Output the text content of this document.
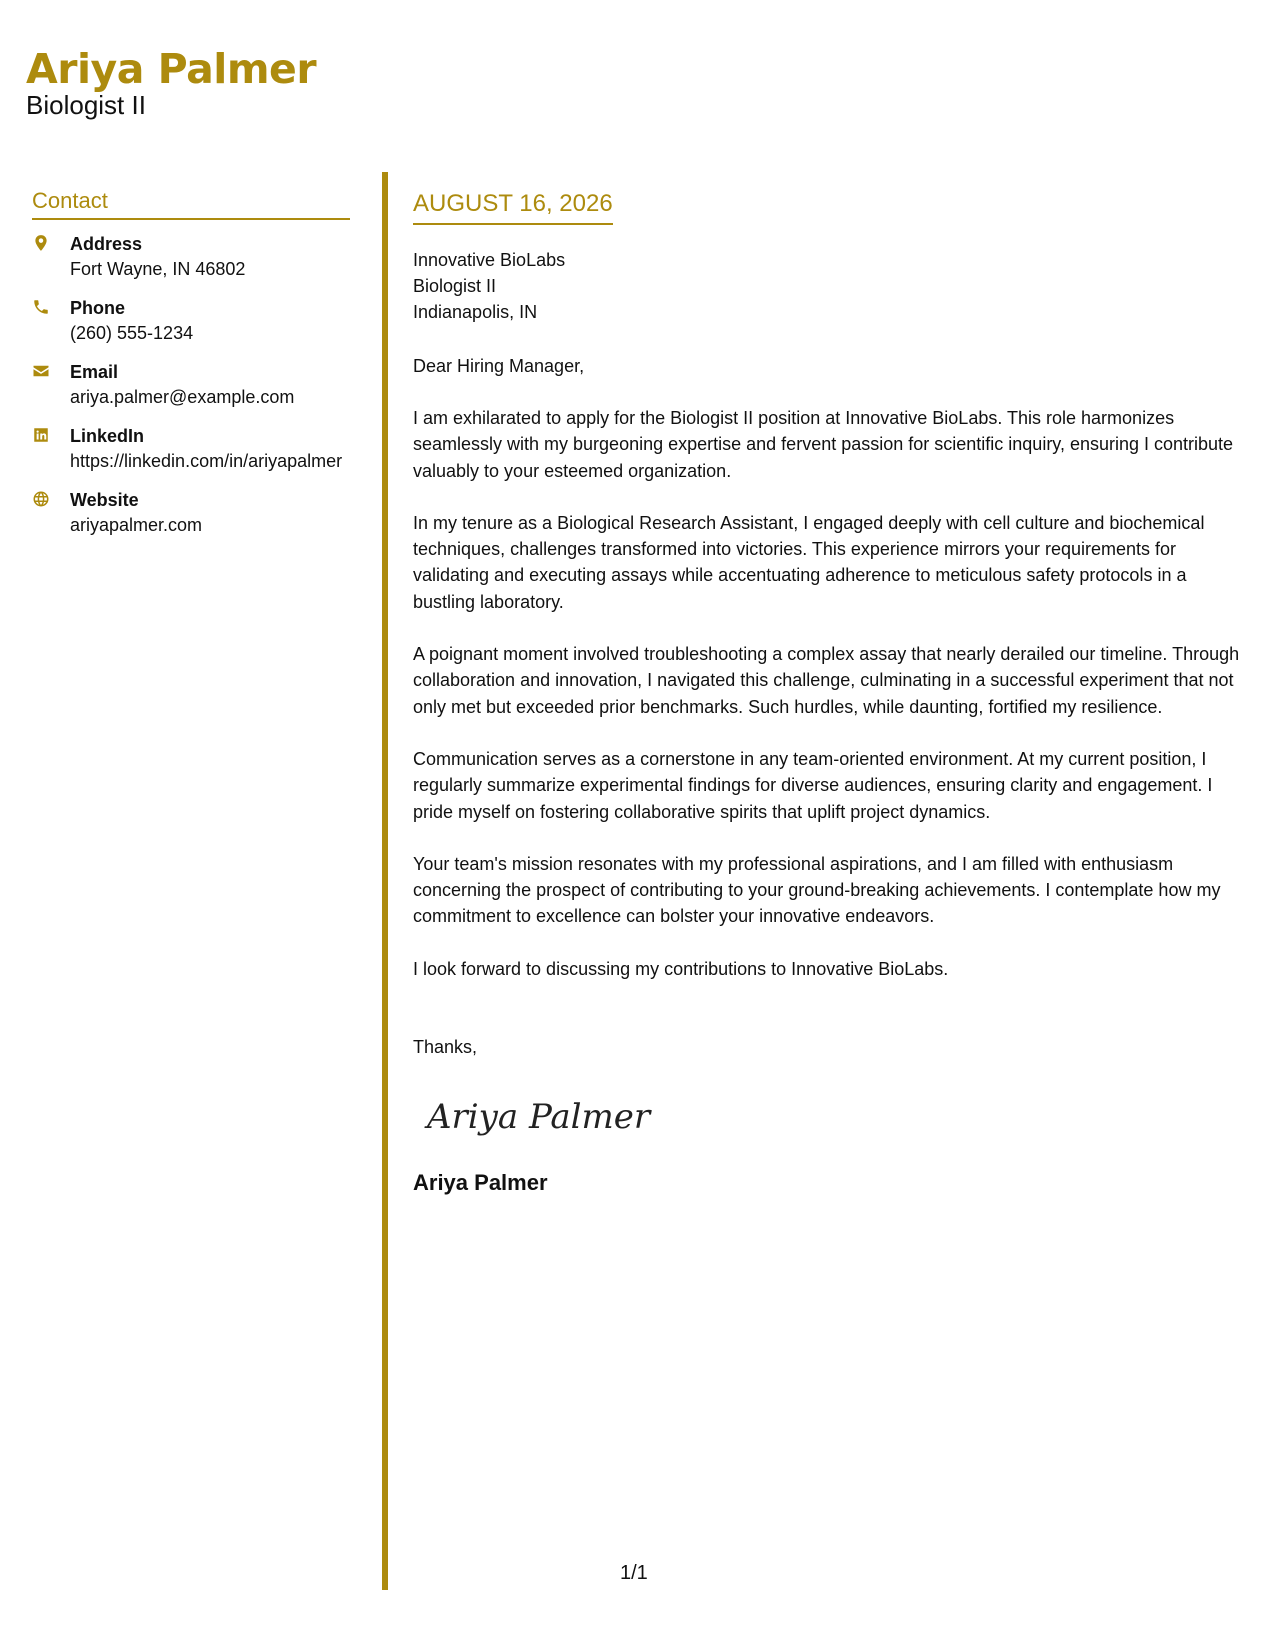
Ariya Palmer
Biologist II
Contact
Address
Fort Wayne, IN 46802
Phone
(260) 555-1234
Email
ariya.palmer@example.com
LinkedIn
https://linkedin.com/in/ariyapalmer
Website
ariyapalmer.com
AUGUST 16, 2026
Innovative BioLabs
Biologist II
Indianapolis, IN
Dear Hiring Manager,
I am exhilarated to apply for the Biologist II position at Innovative BioLabs. This role harmonizes seamlessly with my burgeoning expertise and fervent passion for scientific inquiry, ensuring I contribute valuably to your esteemed organization.
In my tenure as a Biological Research Assistant, I engaged deeply with cell culture and biochemical techniques, challenges transformed into victories. This experience mirrors your requirements for validating and executing assays while accentuating adherence to meticulous safety protocols in a bustling laboratory.
A poignant moment involved troubleshooting a complex assay that nearly derailed our timeline. Through collaboration and innovation, I navigated this challenge, culminating in a successful experiment that not only met but exceeded prior benchmarks. Such hurdles, while daunting, fortified my resilience.
Communication serves as a cornerstone in any team-oriented environment. At my current position, I regularly summarize experimental findings for diverse audiences, ensuring clarity and engagement. I pride myself on fostering collaborative spirits that uplift project dynamics.
Your team's mission resonates with my professional aspirations, and I am filled with enthusiasm concerning the prospect of contributing to your ground-breaking achievements. I contemplate how my commitment to excellence can bolster your innovative endeavors.
I look forward to discussing my contributions to Innovative BioLabs.
Thanks,
Ariya Palmer
Ariya Palmer
1/1
